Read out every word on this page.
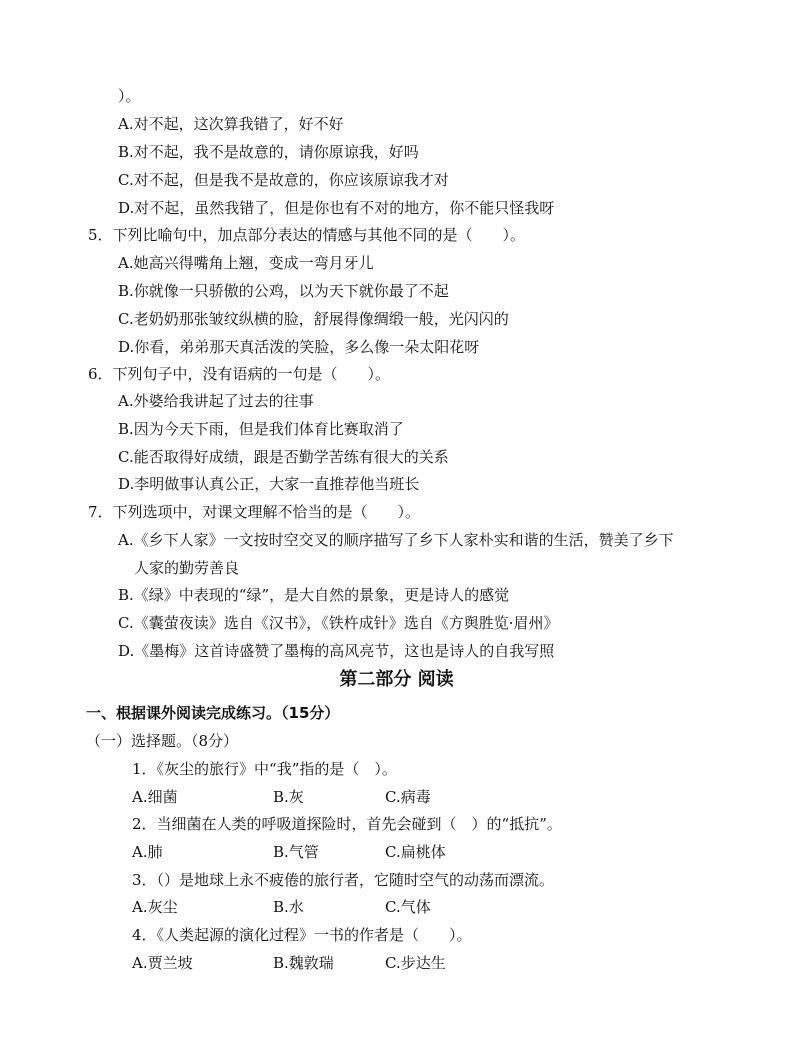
）。
A.对不起，这次算我错了，好不好
B.对不起，我不是故意的，请你原谅我，好吗
C.对不起，但是我不是故意的，你应该原谅我才对
D.对不起，虽然我错了，但是你也有不对的地方，你不能只怪我呀
5．下列比喻句中，加点部分表达的情感与其他不同的是（　　）。
A.她高兴得嘴角上翘，变成一弯月牙儿
B.你就像一只骄傲的公鸡，以为天下就你最了不起
C.老奶奶那张皱纹纵横的脸，舒展得像绸缎一般，光闪闪的
D.你看，弟弟那天真活泼的笑脸，多么像一朵太阳花呀
6．下列句子中，没有语病的一句是（　　）。
A.外婆给我讲起了过去的往事
B.因为今天下雨，但是我们体育比赛取消了
C.能否取得好成绩，跟是否勤学苦练有很大的关系
D.李明做事认真公正，大家一直推荐他当班长
7．下列选项中，对课文理解不恰当的是（　　）。
A.《乡下人家》一文按时空交叉的顺序描写了乡下人家朴实和谐的生活，赞美了乡下
人家的勤劳善良
B.《绿》中表现的“绿”，是大自然的景象，更是诗人的感觉
C.《囊萤夜读》选自《汉书》，《铁杵成针》选自《方舆胜览·眉州》
D.《墨梅》这首诗盛赞了墨梅的高风亮节，这也是诗人的自我写照
第二部分 阅读
一、根据课外阅读完成练习。（15分）
（一）选择题。（8分）
1．《灰尘的旅行》中“我”指的是（　）。
A.细菌	B.灰	C.病毒
2．当细菌在人类的呼吸道探险时，首先会碰到（　）的“抵抗”。
A.肺	B.气管	C.扁桃体
3．（）是地球上永不疲倦的旅行者，它随时空气的动荡而漂流。
A.灰尘	B.水	C.气体
4．《人类起源的演化过程》一书的作者是（　　）。
A.贾兰坡	B.魏敦瑞	C.步达生
